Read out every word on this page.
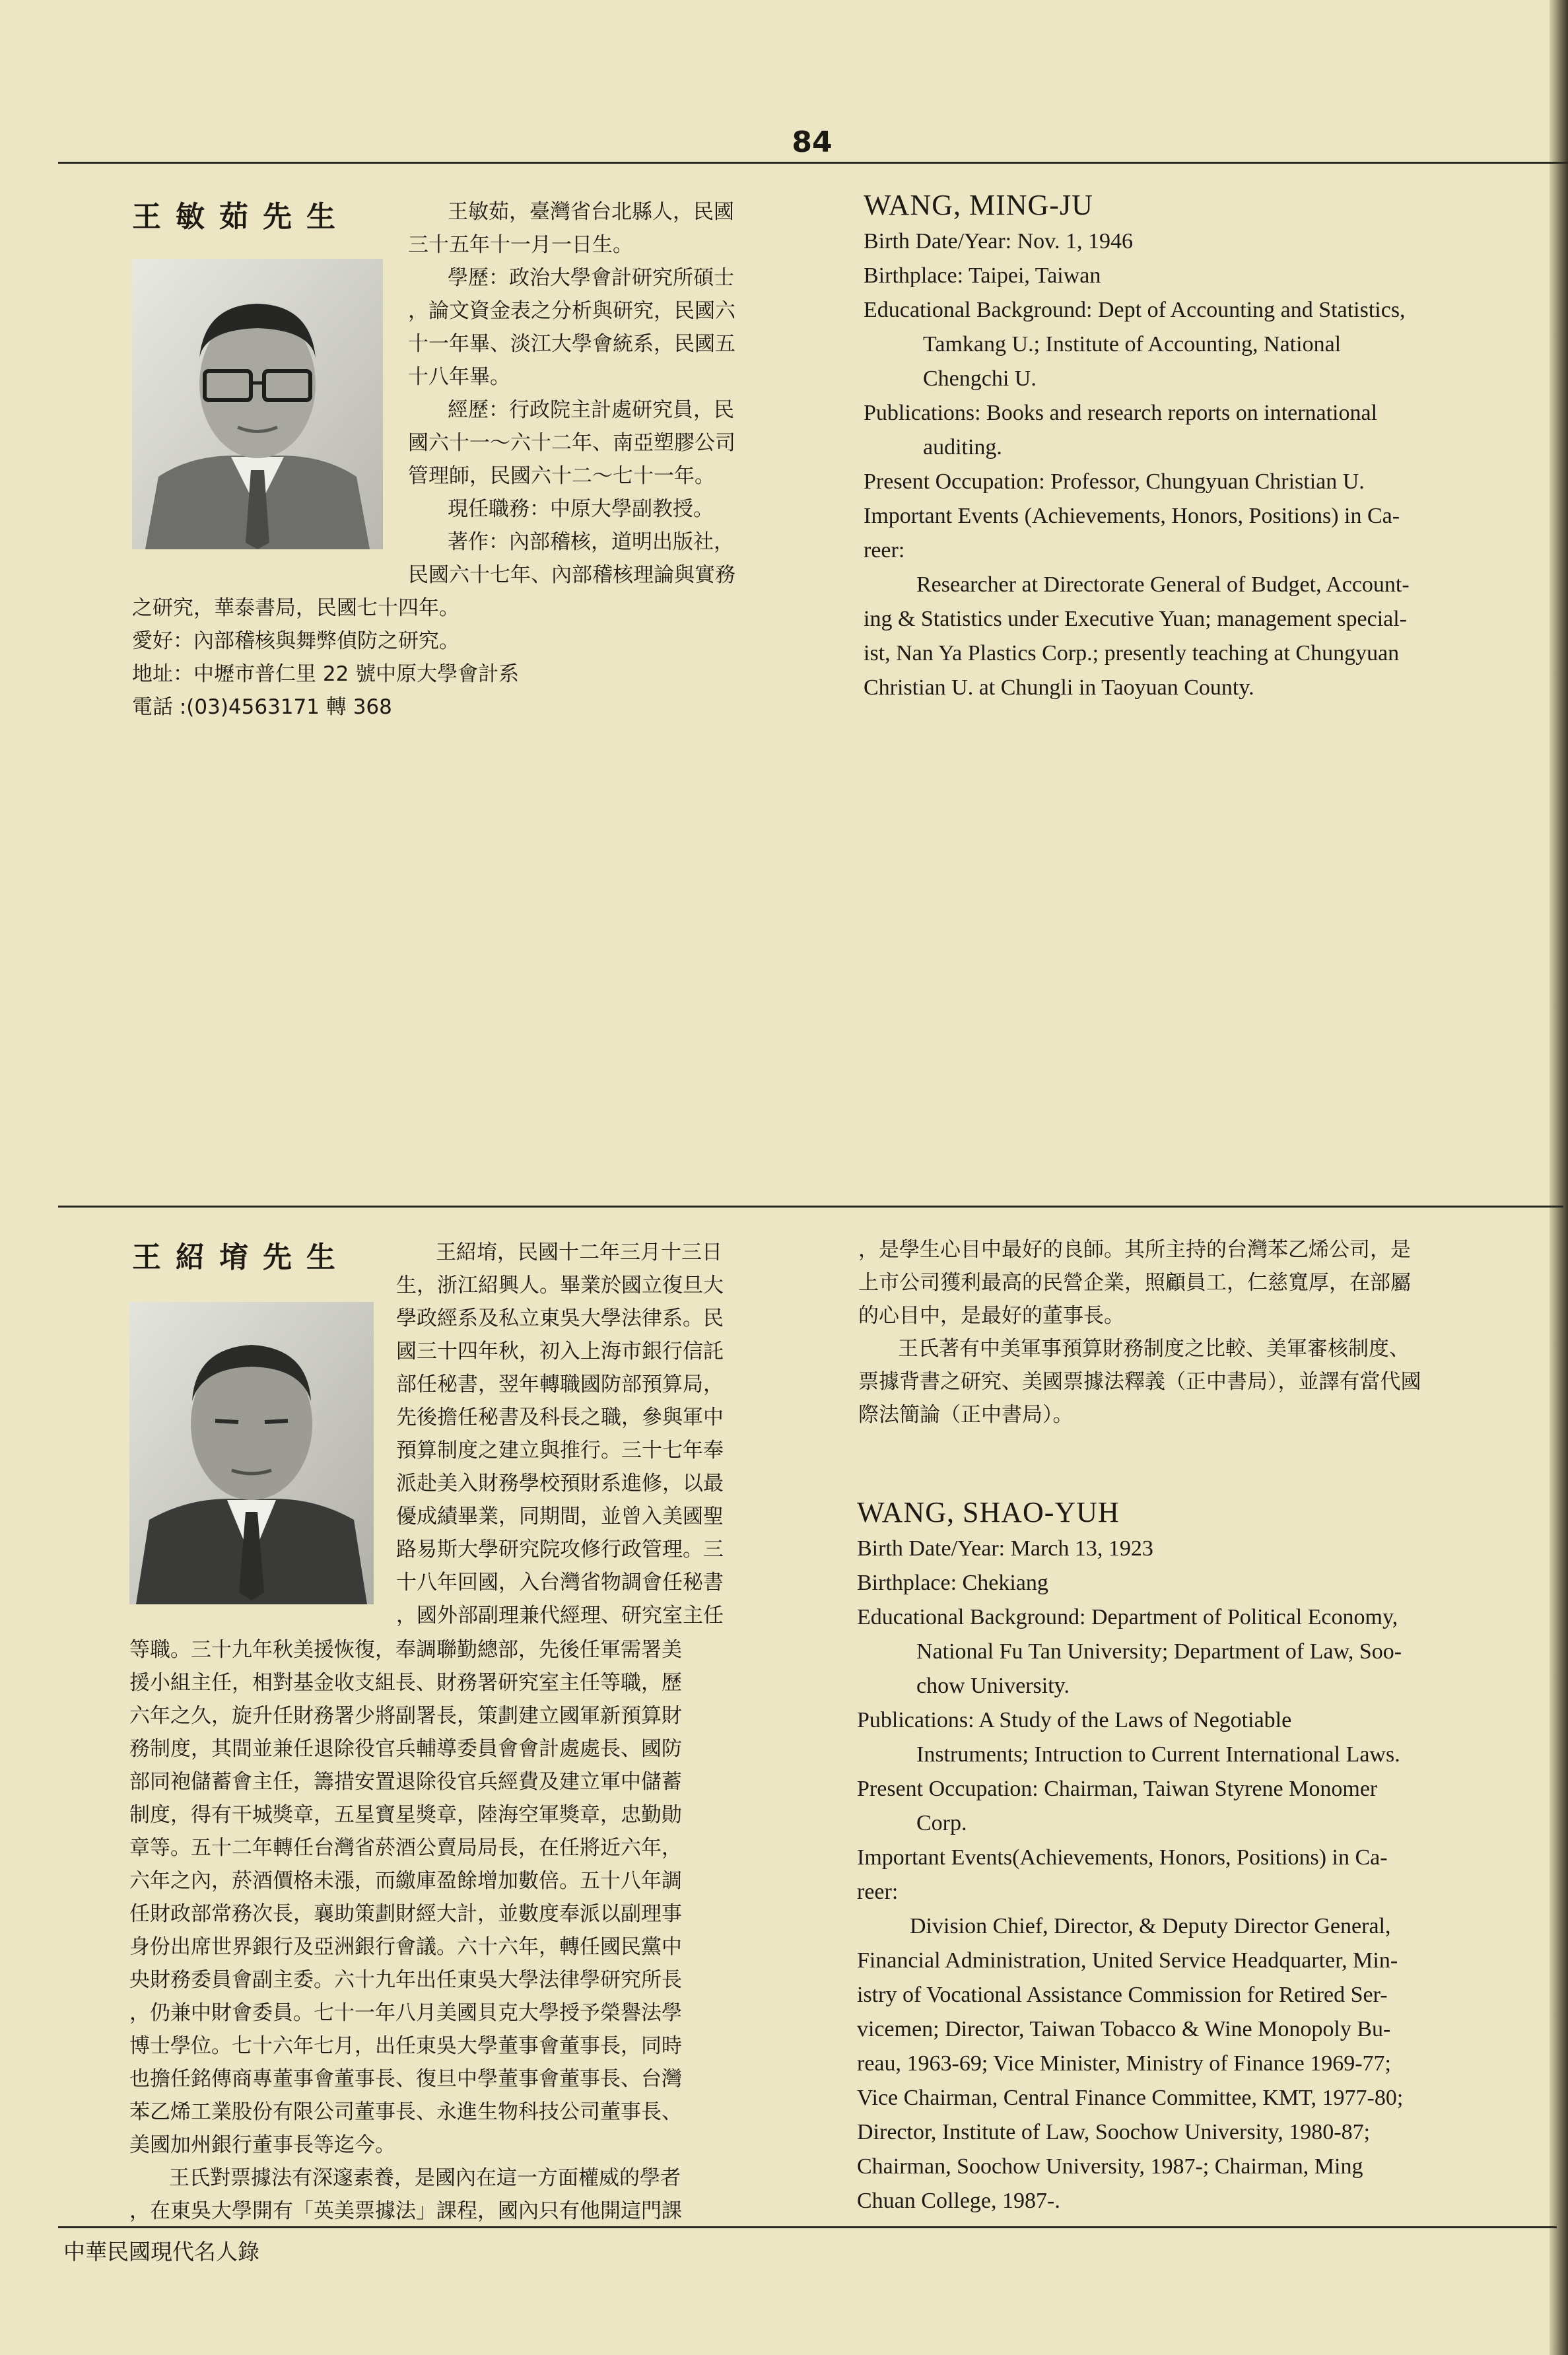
84
王敏茹先生	王敏茹，臺灣省台北縣人，民國

三十五年十一月一日生。

學歷：政治大學會計研究所碩士

，論文資金表之分析與研究，民國六

十一年畢、淡江大學會統系，民國五

十八年畢。

經歷：行政院主計處研究員，民

國六十一～六十二年、南亞塑膠公司

管理師，民國六十二～七十一年。

現任職務：中原大學副教授。

著作：內部稽核，道明出版社，

民國六十七年、內部稽核理論與實務

之研究，華泰書局，民國七十四年。

愛好：內部稽核與舞弊偵防之研究。

地址：中壢市普仁里 22 號中原大學會計系

電話 :(03)4563171 轉 368

WANG, MING-JU

Birth Date/Year: Nov. 1, 1946

Birthplace: Taipei, Taiwan

Educational Background: Dept of Accounting and Statistics,

Tamkang U.; Institute of Accounting, National

Chengchi U.

Publications: Books and research reports on international

auditing.

Present Occupation: Professor, Chungyuan Christian U.

Important Events (Achievements, Honors, Positions) in Ca-

reer:

Researcher at Directorate General of Budget, Account-

ing & Statistics under Executive Yuan; management special-

ist, Nan Ya Plastics Corp.; presently teaching at Chungyuan

Christian U. at Chungli in Taoyuan County.

王紹堉先生	王紹堉，民國十二年三月十三日

生，浙江紹興人。畢業於國立復旦大

學政經系及私立東吳大學法律系。民

國三十四年秋，初入上海市銀行信託

部任秘書，翌年轉職國防部預算局，

先後擔任秘書及科長之職，參與軍中

預算制度之建立與推行。三十七年奉

派赴美入財務學校預財系進修，以最

優成績畢業，同期間，並曾入美國聖

路易斯大學研究院攻修行政管理。三

十八年回國，入台灣省物調會任秘書

，國外部副理兼代經理、研究室主任

等職。三十九年秋美援恢復，奉調聯勤總部，先後任軍需署美

援小組主任，相對基金收支組長、財務署研究室主任等職，歷

六年之久，旋升任財務署少將副署長，策劃建立國軍新預算財

務制度，其間並兼任退除役官兵輔導委員會會計處處長、國防

部同袍儲蓄會主任，籌措安置退除役官兵經費及建立軍中儲蓄

制度，得有干城獎章，五星寶星獎章，陸海空軍獎章，忠勤勛

章等。五十二年轉任台灣省菸酒公賣局局長，在任將近六年，

六年之內，菸酒價格未漲，而繳庫盈餘增加數倍。五十八年調

任財政部常務次長，襄助策劃財經大計，並數度奉派以副理事

身份出席世界銀行及亞洲銀行會議。六十六年，轉任國民黨中

央財務委員會副主委。六十九年出任東吳大學法律學研究所長

，仍兼中財會委員。七十一年八月美國貝克大學授予榮譽法學

博士學位。七十六年七月，出任東吳大學董事會董事長，同時

也擔任銘傳商專董事會董事長、復旦中學董事會董事長、台灣

苯乙烯工業股份有限公司董事長、永進生物科技公司董事長、

美國加州銀行董事長等迄今。

王氏對票據法有深邃素養，是國內在這一方面權威的學者

，在東吳大學開有「英美票據法」課程，國內只有他開這門課

，是學生心目中最好的良師。其所主持的台灣苯乙烯公司，是

上市公司獲利最高的民營企業，照顧員工，仁慈寬厚，在部屬

的心目中，是最好的董事長。

王氏著有中美軍事預算財務制度之比較、美軍審核制度、

票據背書之研究、美國票據法釋義（正中書局），並譯有當代國

際法簡論（正中書局）。

WANG, SHAO-YUH

Birth Date/Year: March 13, 1923

Birthplace: Chekiang

Educational Background: Department of Political Economy,

National Fu Tan University; Department of Law, Soo-

chow University.

Publications: A Study of the Laws of Negotiable

Instruments; Intruction to Current International Laws.

Present Occupation: Chairman, Taiwan Styrene Monomer

Corp.

Important Events(Achievements, Honors, Positions) in Ca-

reer:

Division Chief, Director, & Deputy Director General,

Financial Administration, United Service Headquarter, Min-

istry of Vocational Assistance Commission for Retired Ser-

vicemen; Director, Taiwan Tobacco & Wine Monopoly Bu-

reau, 1963-69; Vice Minister, Ministry of Finance 1969-77;

Vice Chairman, Central Finance Committee, KMT, 1977-80;

Director, Institute of Law, Soochow University, 1980-87;

Chairman, Soochow University, 1987-; Chairman, Ming

Chuan College, 1987-.

中華民國現代名人錄
